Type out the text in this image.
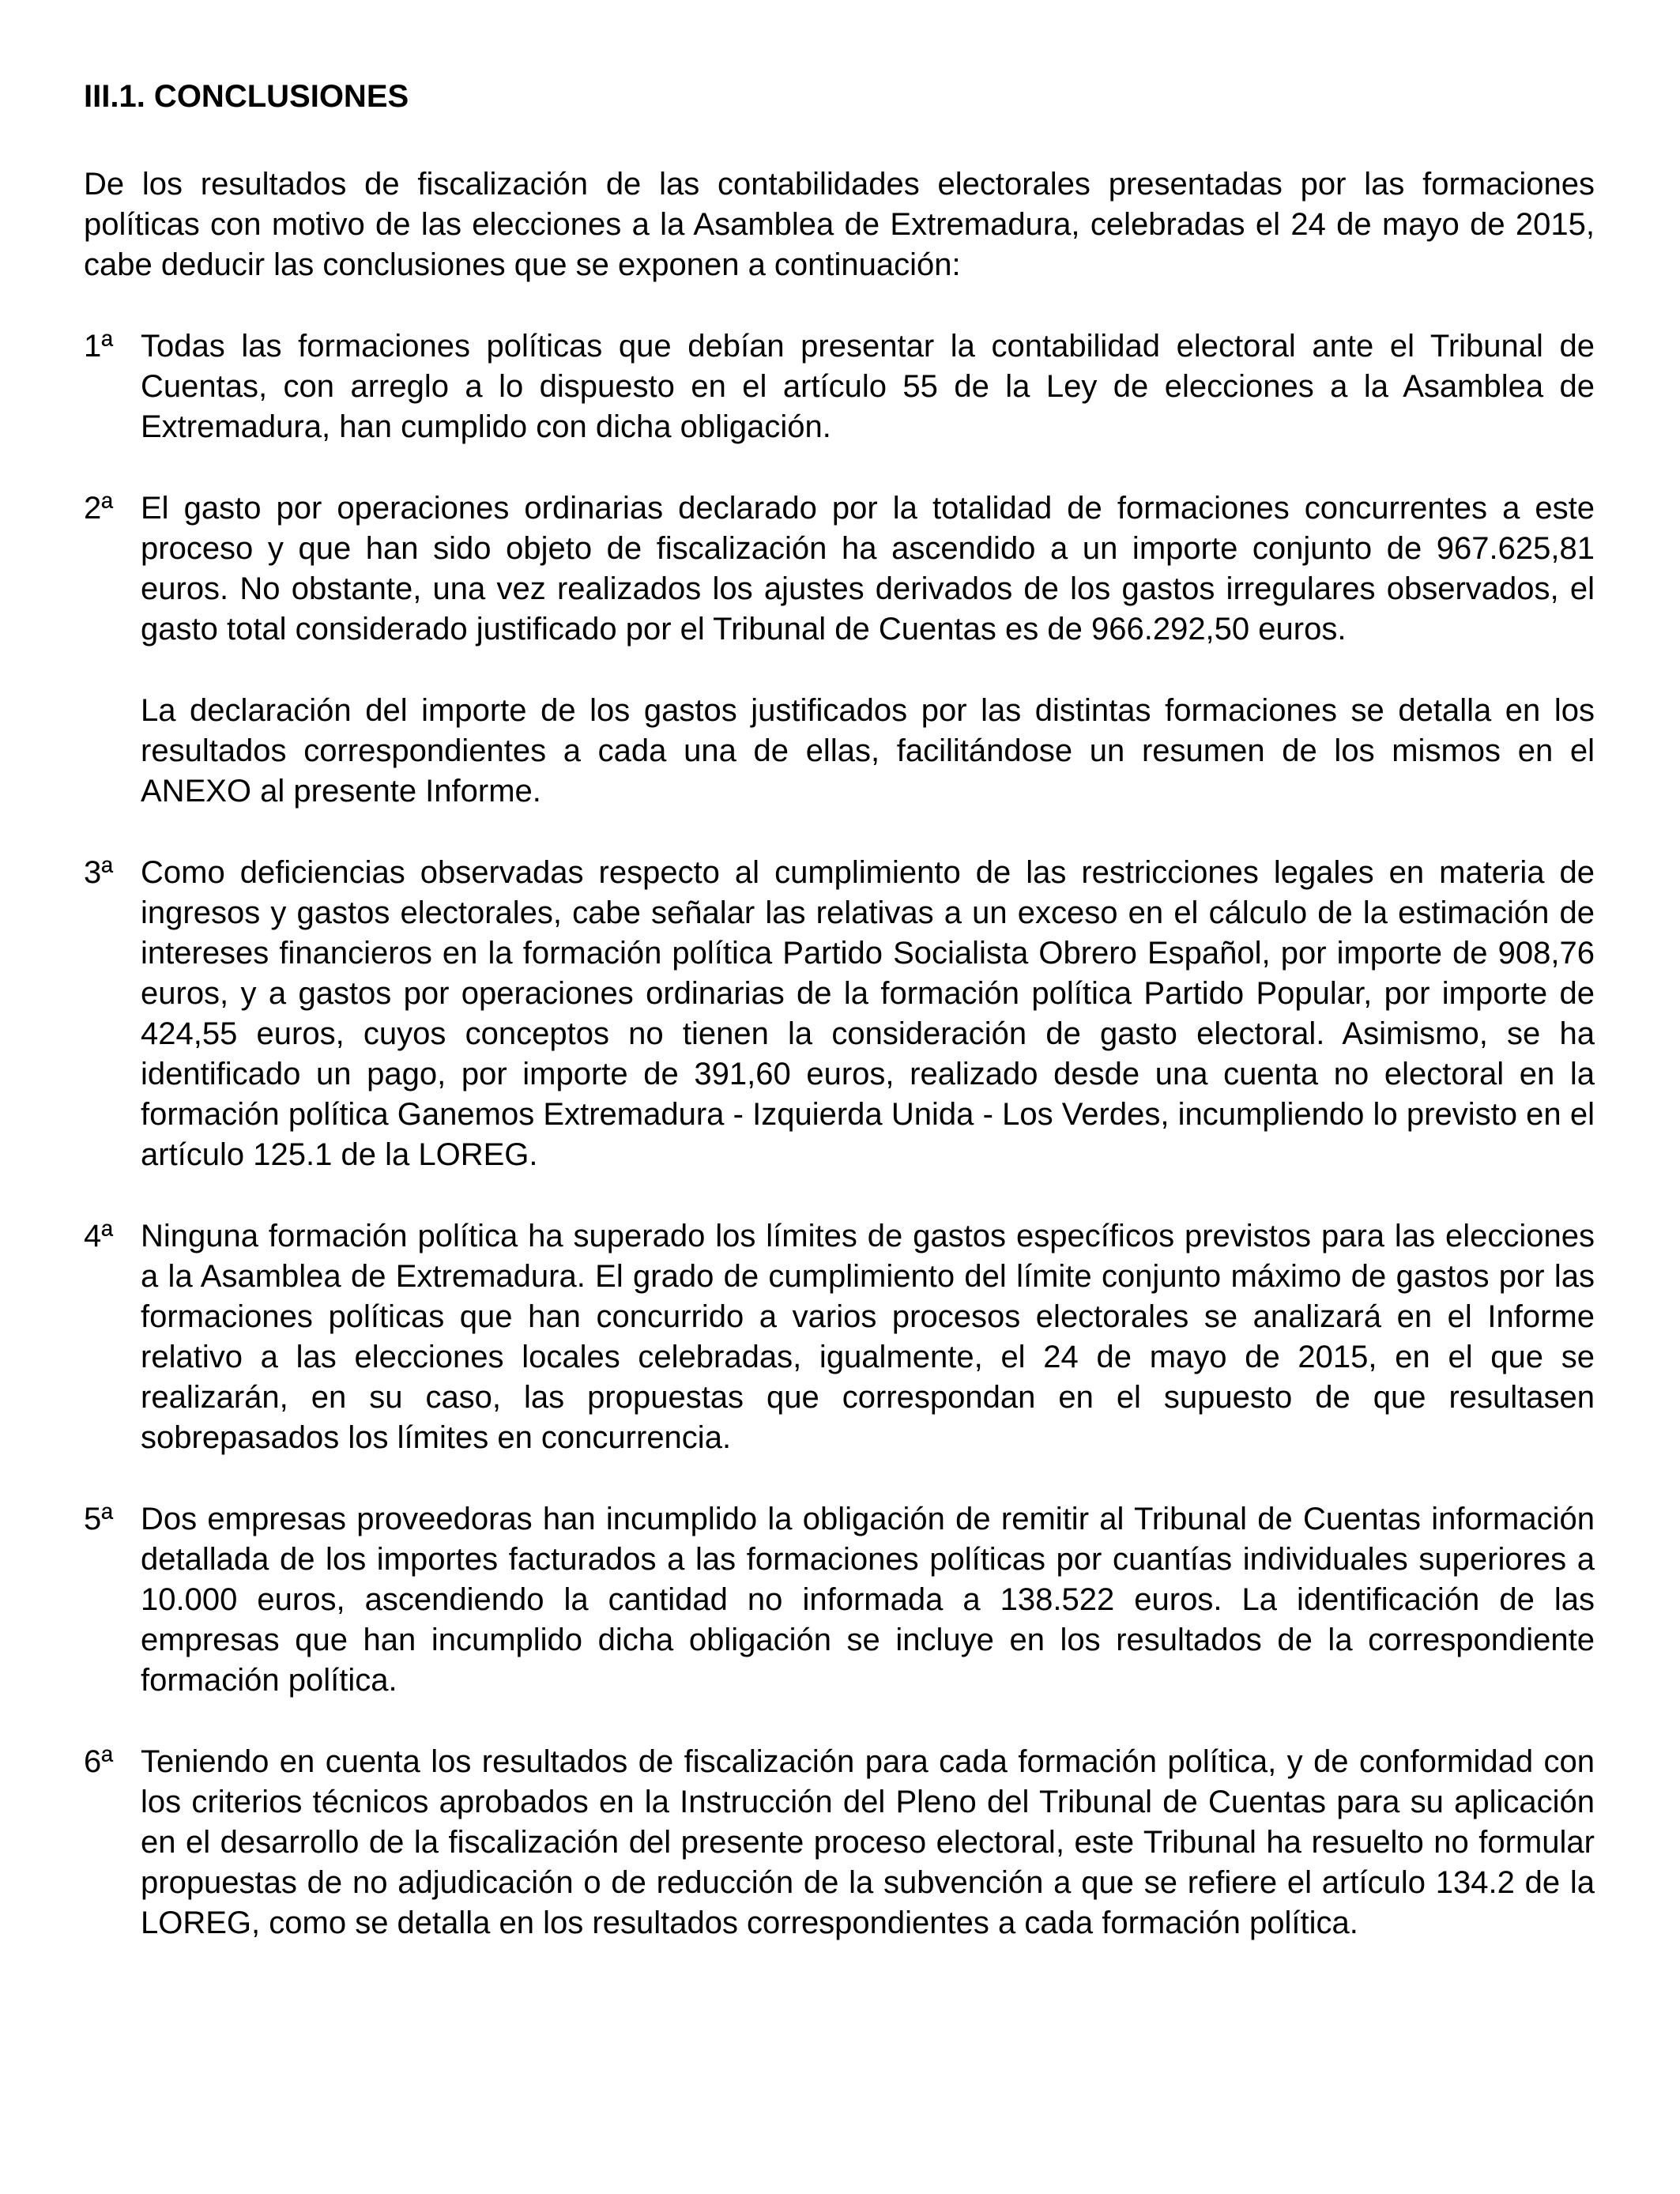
III.1. CONCLUSIONES

De los resultados de fiscalización de las contabilidades electorales presentadas por las formaciones políticas con motivo de las elecciones a la Asamblea de Extremadura, celebradas el 24 de mayo de 2015, cabe deducir las conclusiones que se exponen a continuación:

1ª Todas las formaciones políticas que debían presentar la contabilidad electoral ante el Tribunal de Cuentas, con arreglo a lo dispuesto en el artículo 55 de la Ley de elecciones a la Asamblea de Extremadura, han cumplido con dicha obligación.

2ª El gasto por operaciones ordinarias declarado por la totalidad de formaciones concurrentes a este proceso y que han sido objeto de fiscalización ha ascendido a un importe conjunto de 967.625,81 euros. No obstante, una vez realizados los ajustes derivados de los gastos irregulares observados, el gasto total considerado justificado por el Tribunal de Cuentas es de 966.292,50 euros.

La declaración del importe de los gastos justificados por las distintas formaciones se detalla en los resultados correspondientes a cada una de ellas, facilitándose un resumen de los mismos en el ANEXO al presente Informe.

3ª Como deficiencias observadas respecto al cumplimiento de las restricciones legales en materia de ingresos y gastos electorales, cabe señalar las relativas a un exceso en el cálculo de la estimación de intereses financieros en la formación política Partido Socialista Obrero Español, por importe de 908,76 euros, y a gastos por operaciones ordinarias de la formación política Partido Popular, por importe de 424,55 euros, cuyos conceptos no tienen la consideración de gasto electoral. Asimismo, se ha identificado un pago, por importe de 391,60 euros, realizado desde una cuenta no electoral en la formación política Ganemos Extremadura - Izquierda Unida - Los Verdes, incumpliendo lo previsto en el artículo 125.1 de la LOREG.

4ª Ninguna formación política ha superado los límites de gastos específicos previstos para las elecciones a la Asamblea de Extremadura. El grado de cumplimiento del límite conjunto máximo de gastos por las formaciones políticas que han concurrido a varios procesos electorales se analizará en el Informe relativo a las elecciones locales celebradas, igualmente, el 24 de mayo de 2015, en el que se realizarán, en su caso, las propuestas que correspondan en el supuesto de que resultasen sobrepasados los límites en concurrencia.

5ª Dos empresas proveedoras han incumplido la obligación de remitir al Tribunal de Cuentas información detallada de los importes facturados a las formaciones políticas por cuantías individuales superiores a 10.000 euros, ascendiendo la cantidad no informada a 138.522 euros. La identificación de las empresas que han incumplido dicha obligación se incluye en los resultados de la correspondiente formación política.

6ª Teniendo en cuenta los resultados de fiscalización para cada formación política, y de conformidad con los criterios técnicos aprobados en la Instrucción del Pleno del Tribunal de Cuentas para su aplicación en el desarrollo de la fiscalización del presente proceso electoral, este Tribunal ha resuelto no formular propuestas de no adjudicación o de reducción de la subvención a que se refiere el artículo 134.2 de la LOREG, como se detalla en los resultados correspondientes a cada formación política.
